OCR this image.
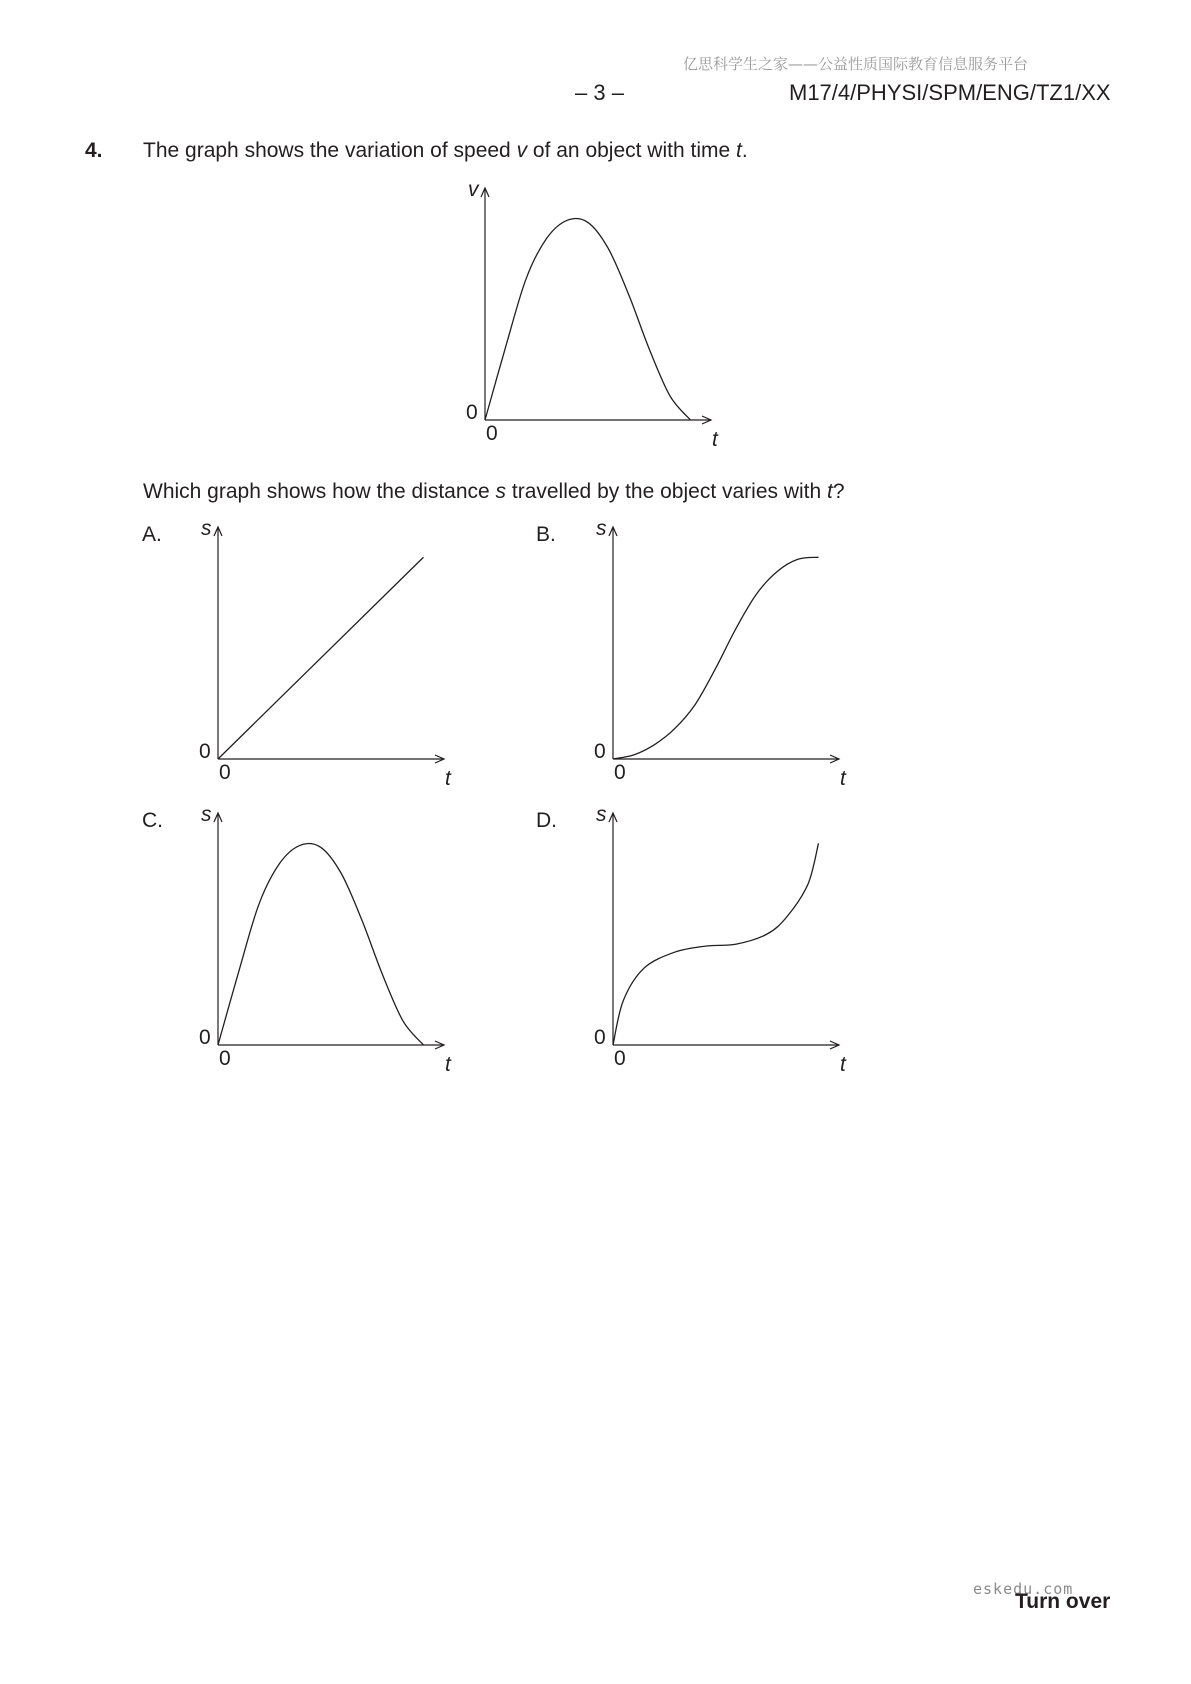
亿思科学生之家——公益性质国际教育信息服务平台
– 3 –	M17/4/PHYSI/SPM/ENG/TZ1/XX
4. The graph shows the variation of speed v of an object with time t.
Which graph shows how the distance s travelled by the object varies with t?
A.	B.
C.	D.
v
t
0
0
s
t
0
0
s
t
0
0
s
t
0
0
s
t
0
0
eskedu.com
Turn over
